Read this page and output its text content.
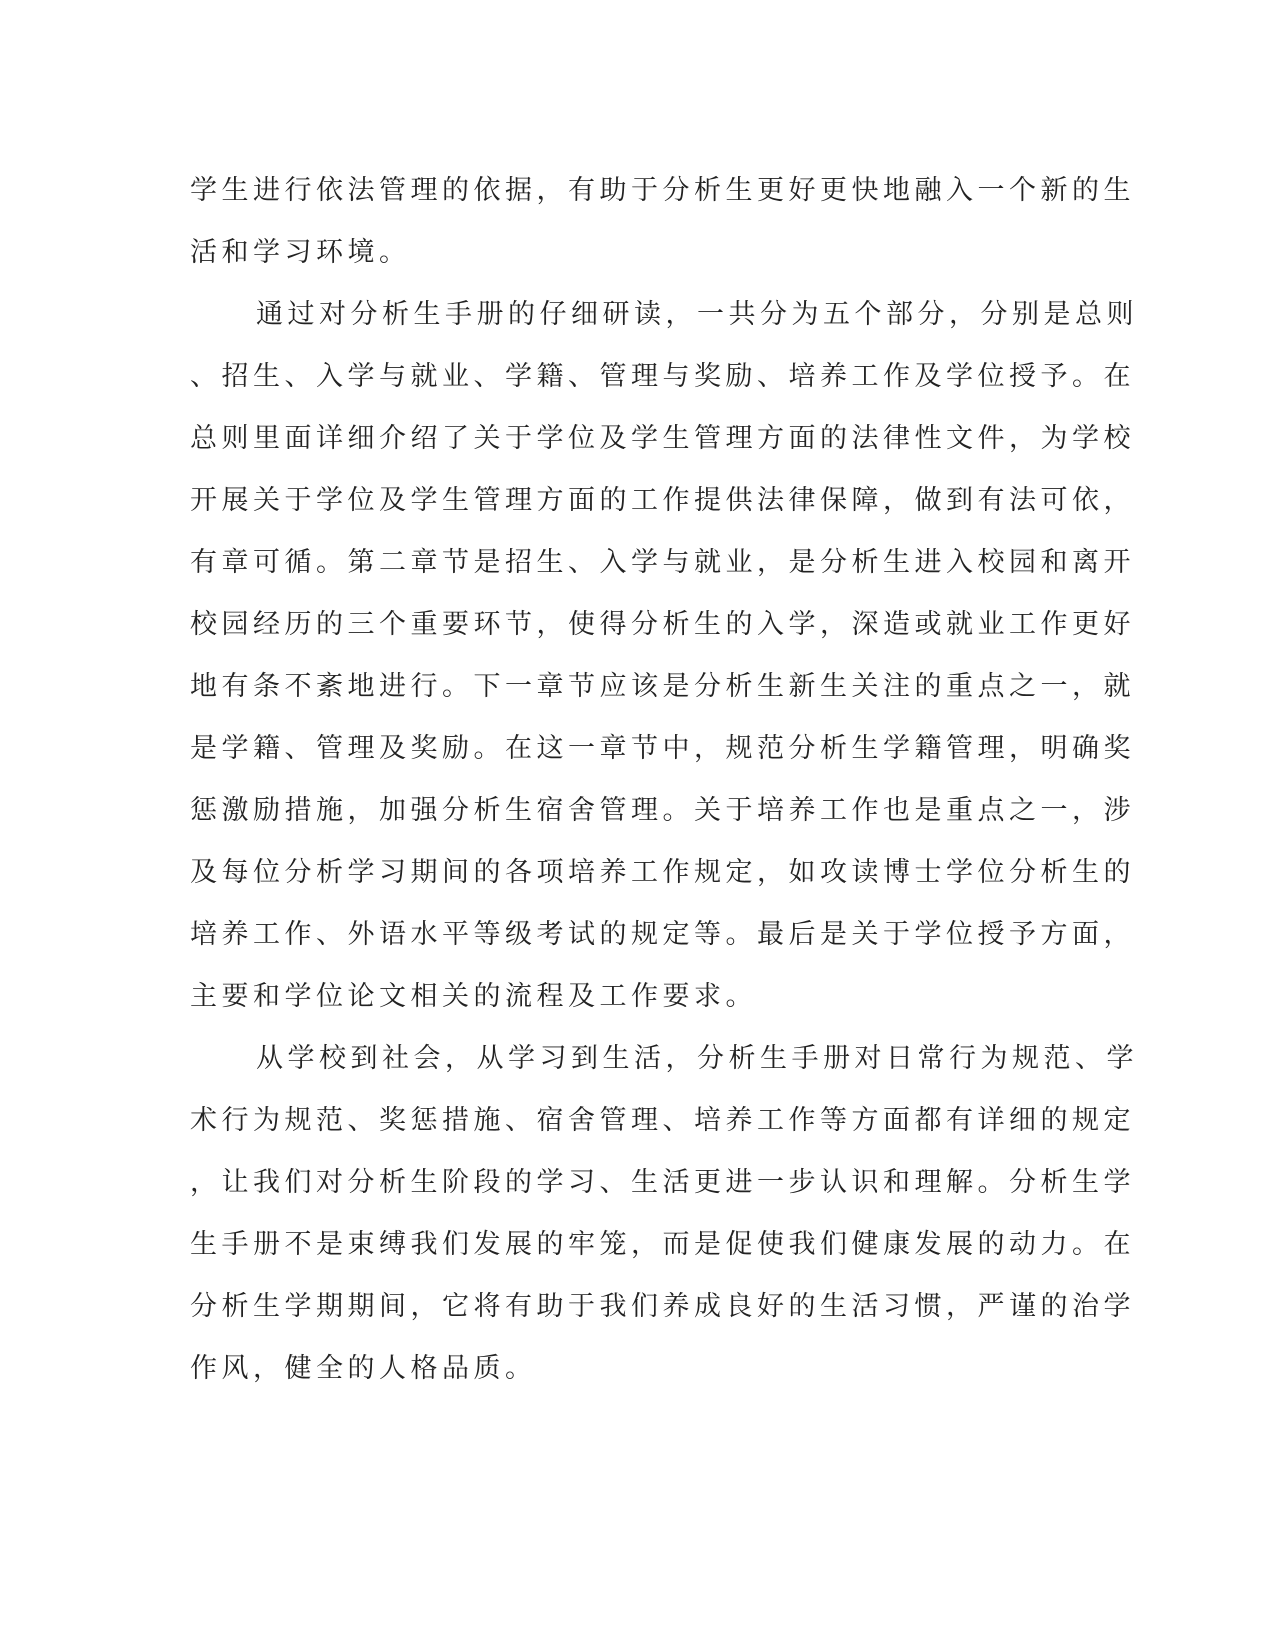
学生进行依法管理的依据，有助于分析生更好更快地融入一个新的生
活和学习环境。
通过对分析生手册的仔细研读，一共分为五个部分，分别是总则
、招生、入学与就业、学籍、管理与奖励、培养工作及学位授予。在
总则里面详细介绍了关于学位及学生管理方面的法律性文件，为学校
开展关于学位及学生管理方面的工作提供法律保障，做到有法可依，
有章可循。第二章节是招生、入学与就业，是分析生进入校园和离开
校园经历的三个重要环节，使得分析生的入学，深造或就业工作更好
地有条不紊地进行。下一章节应该是分析生新生关注的重点之一，就
是学籍、管理及奖励。在这一章节中，规范分析生学籍管理，明确奖
惩激励措施，加强分析生宿舍管理。关于培养工作也是重点之一，涉
及每位分析学习期间的各项培养工作规定，如攻读博士学位分析生的
培养工作、外语水平等级考试的规定等。最后是关于学位授予方面，
主要和学位论文相关的流程及工作要求。
从学校到社会，从学习到生活，分析生手册对日常行为规范、学
术行为规范、奖惩措施、宿舍管理、培养工作等方面都有详细的规定
，让我们对分析生阶段的学习、生活更进一步认识和理解。分析生学
生手册不是束缚我们发展的牢笼，而是促使我们健康发展的动力。在
分析生学期期间，它将有助于我们养成良好的生活习惯，严谨的治学
作风，健全的人格品质。
